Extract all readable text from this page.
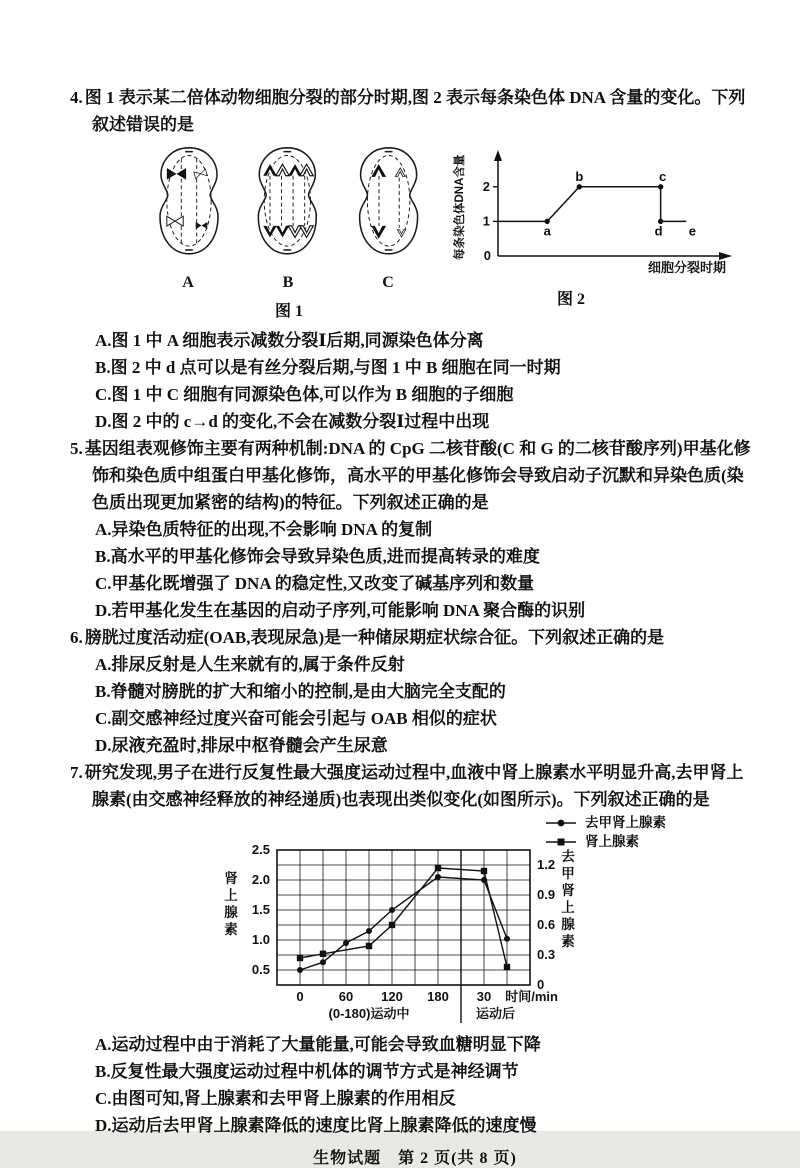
4. 图 1 表示某二倍体动物细胞分裂的部分时期,图 2 表示每条染色体 DNA 含量的变化。下列叙述错误的是

A	B	C
图 1
0
1
2
a
b	c
d e
细胞分裂时期
每条染色体DNA含量
图 2
A.图 1 中 A 细胞表示减数分裂Ⅰ后期,同源染色体分离
B.图 2 中 d 点可以是有丝分裂后期,与图 1 中 B 细胞在同一时期
C.图 1 中 C 细胞有同源染色体,可以作为 B 细胞的子细胞
D.图 2 中的 c→d 的变化,不会在减数分裂Ⅰ过程中出现

5. 基因组表观修饰主要有两种机制:DNA 的 CpG 二核苷酸(C 和 G 的二核苷酸序列)甲基化修饰和染色质中组蛋白甲基化修饰，高水平的甲基化修饰会导致启动子沉默和异染色质(染色质出现更加紧密的结构)的特征。下列叙述正确的是

A.异染色质特征的出现,不会影响 DNA 的复制
B.高水平的甲基化修饰会导致异染色质,进而提高转录的难度
C.甲基化既增强了 DNA 的稳定性,又改变了碱基序列和数量
D.若甲基化发生在基因的启动子序列,可能影响 DNA 聚合酶的识别

6. 膀胱过度活动症(OAB,表现尿急)是一种储尿期症状综合征。下列叙述正确的是

A.排尿反射是人生来就有的,属于条件反射
B.脊髓对膀胱的扩大和缩小的控制,是由大脑完全支配的
C.副交感神经过度兴奋可能会引起与 OAB 相似的症状
D.尿液充盈时,排尿中枢脊髓会产生尿意

7. 研究发现,男子在进行反复性最大强度运动过程中,血液中肾上腺素水平明显升高,去甲肾上腺素(由交感神经释放的神经递质)也表现出类似变化(如图所示)。下列叙述正确的是

0.5
1.0
1.5
2.0
2.5
0
0.3
0.6
0.9
1.2
0	60 120 180 30 时间/min
(0-180)运动中	运动后
肾
上
腺
素
去
甲
肾
上
腺
素
去甲肾上腺素
肾上腺素
A.运动过程中由于消耗了大量能量,可能会导致血糖明显下降
B.反复性最大强度运动过程中机体的调节方式是神经调节
C.由图可知,肾上腺素和去甲肾上腺素的作用相反
D.运动后去甲肾上腺素降低的速度比肾上腺素降低的速度慢
生物试题　第 2 页(共 8 页)
